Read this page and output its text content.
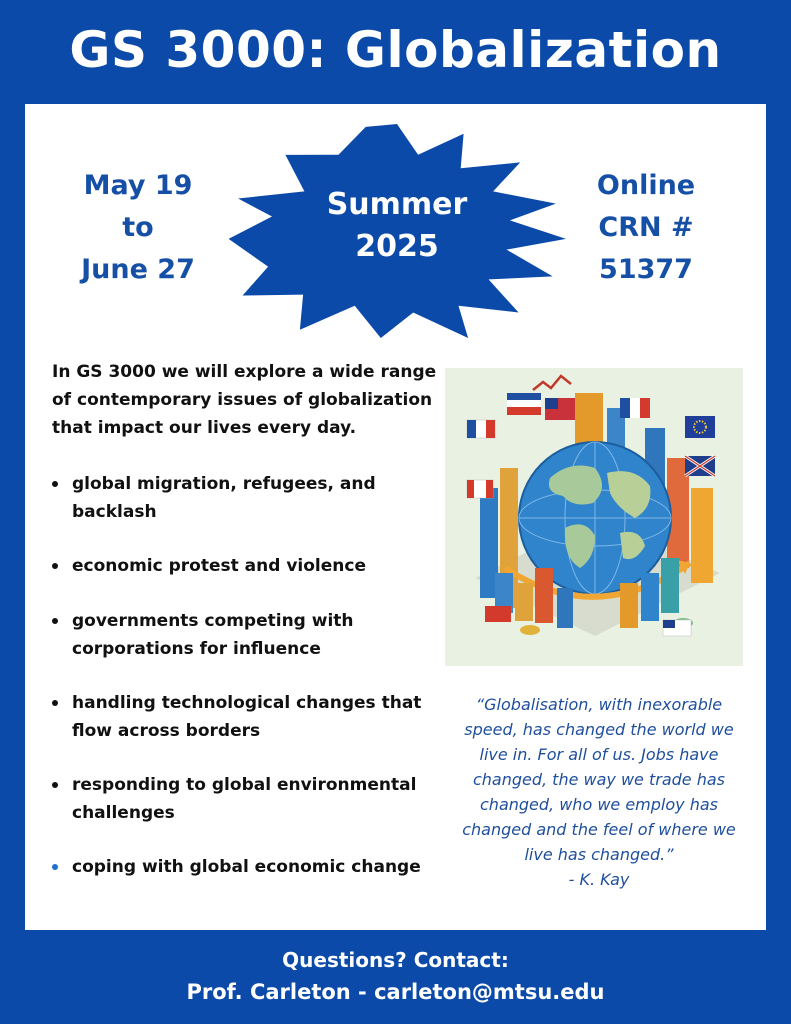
GS 3000: Globalization
May 19
to
June 27
Summer
2025
Online
CRN #
51377
In GS 3000 we will explore a wide range of contemporary issues of globalization that impact our lives every day.
global migration, refugees, and backlash
economic protest and violence
governments competing with corporations for influence
handling technological changes that flow across borders
responding to global environmental challenges
coping with global economic change
“Globalisation, with inexorable speed, has changed the world we live in. For all of us. Jobs have changed, the way we trade has changed, who we employ has changed and the feel of where we live has changed.”
- K. Kay
Questions? Contact:
Prof. Carleton - carleton@mtsu.edu
